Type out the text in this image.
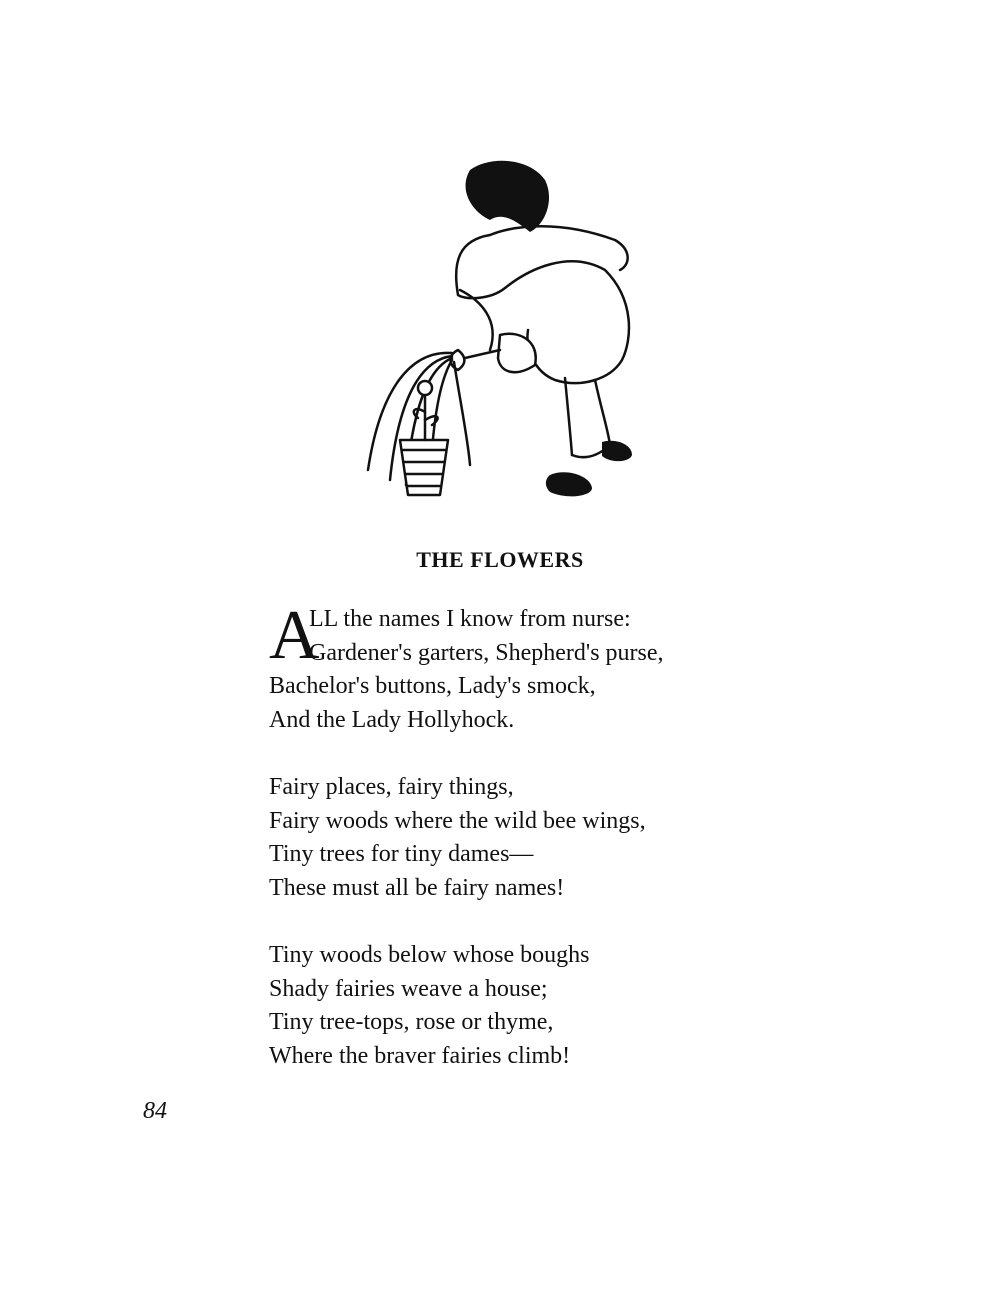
THE FLOWERS
A
LL the names I know from nurse:
Gardener's garters, Shepherd's purse,
Bachelor's buttons, Lady's smock,
And the Lady Hollyhock.
Fairy places, fairy things,
Fairy woods where the wild bee wings,
Tiny trees for tiny dames—
These must all be fairy names!
Tiny woods below whose boughs
Shady fairies weave a house;
Tiny tree-tops, rose or thyme,
Where the braver fairies climb!
84
